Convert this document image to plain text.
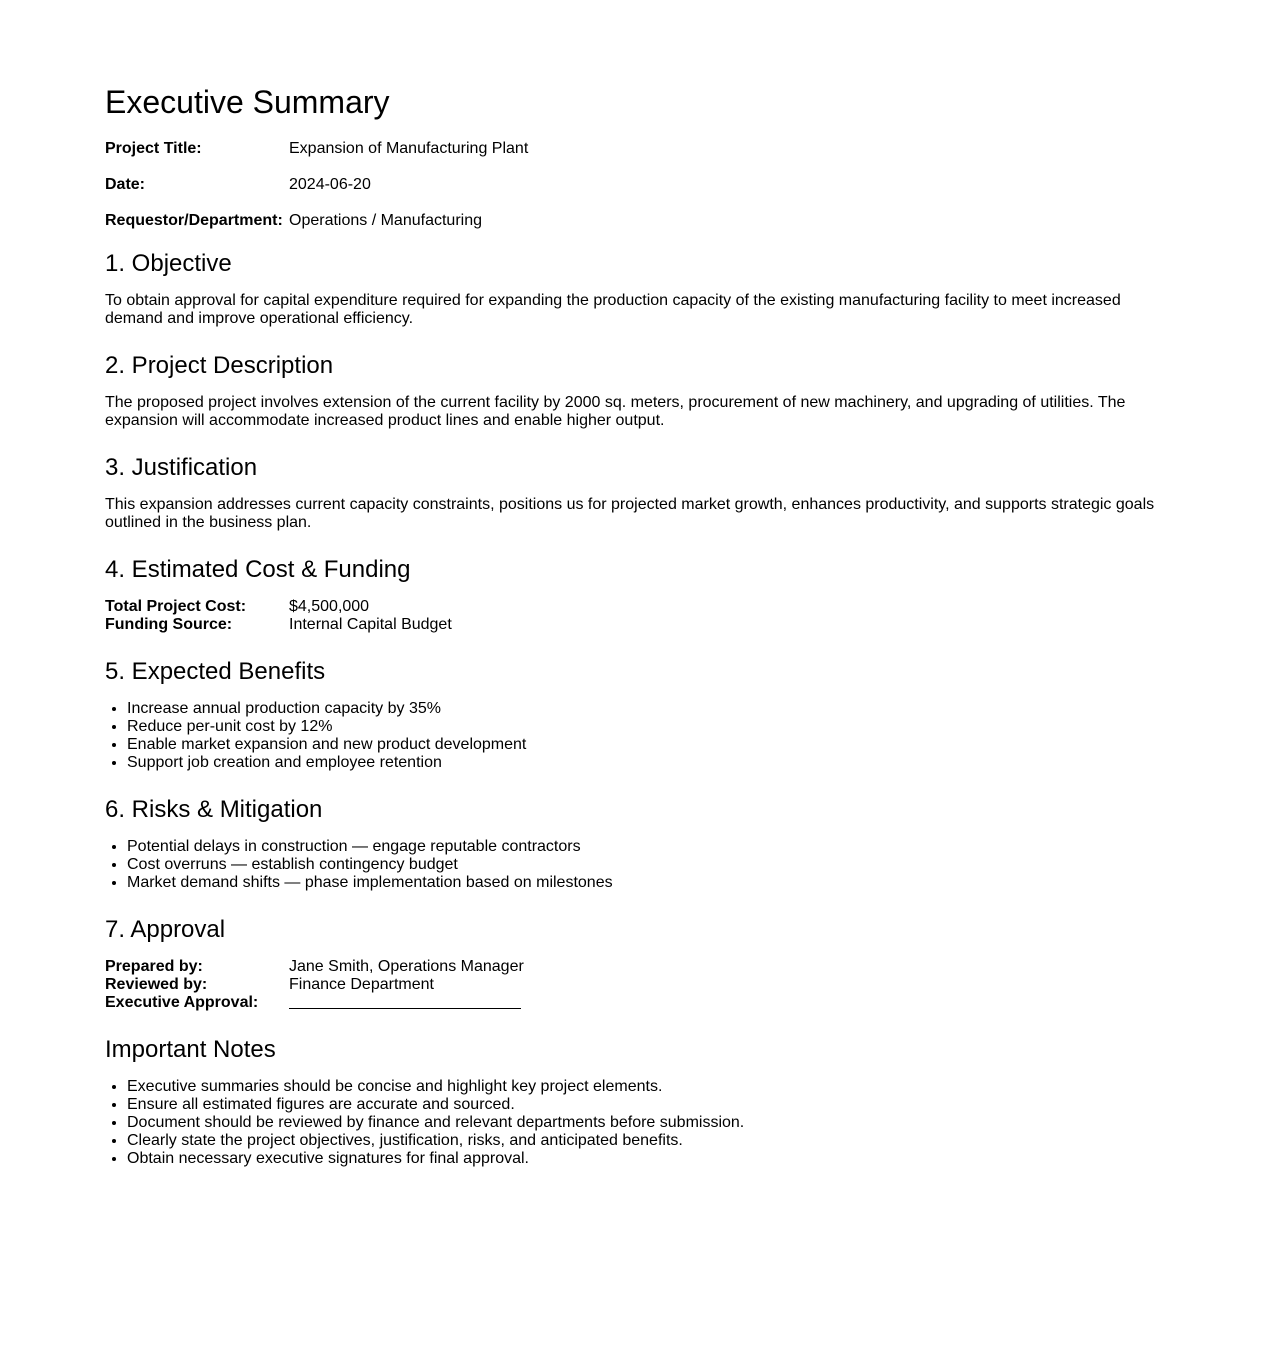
Executive Summary
Project Title:	Expansion of Manufacturing Plant
Date:	2024-06-20
Requestor/Department: Operations / Manufacturing
1. Objective

To obtain approval for capital expenditure required for expanding the production capacity of the existing manufacturing facility to meet increased demand and improve operational efficiency.

2. Project Description

The proposed project involves extension of the current facility by 2000 sq. meters, procurement of new machinery, and upgrading of utilities. The expansion will accommodate increased product lines and enable higher output.

3. Justification

This expansion addresses current capacity constraints, positions us for projected market growth, enhances productivity, and supports strategic goals outlined in the business plan.

4. Estimated Cost & Funding
Total Project Cost:	$4,500,000
Funding Source:	Internal Capital Budget
5. Expected Benefits
• Increase annual production capacity by 35%
• Reduce per-unit cost by 12%
• Enable market expansion and new product development
• Support job creation and employee retention
6. Risks & Mitigation
• Potential delays in construction — engage reputable contractors
• Cost overruns — establish contingency budget
• Market demand shifts — phase implementation based on milestones
7. Approval
Prepared by:	Jane Smith, Operations Manager
Reviewed by:	Finance Department
Executive Approval:
Important Notes
• Executive summaries should be concise and highlight key project elements.
• Ensure all estimated figures are accurate and sourced.
• Document should be reviewed by finance and relevant departments before submission.
• Clearly state the project objectives, justification, risks, and anticipated benefits.
• Obtain necessary executive signatures for final approval.
